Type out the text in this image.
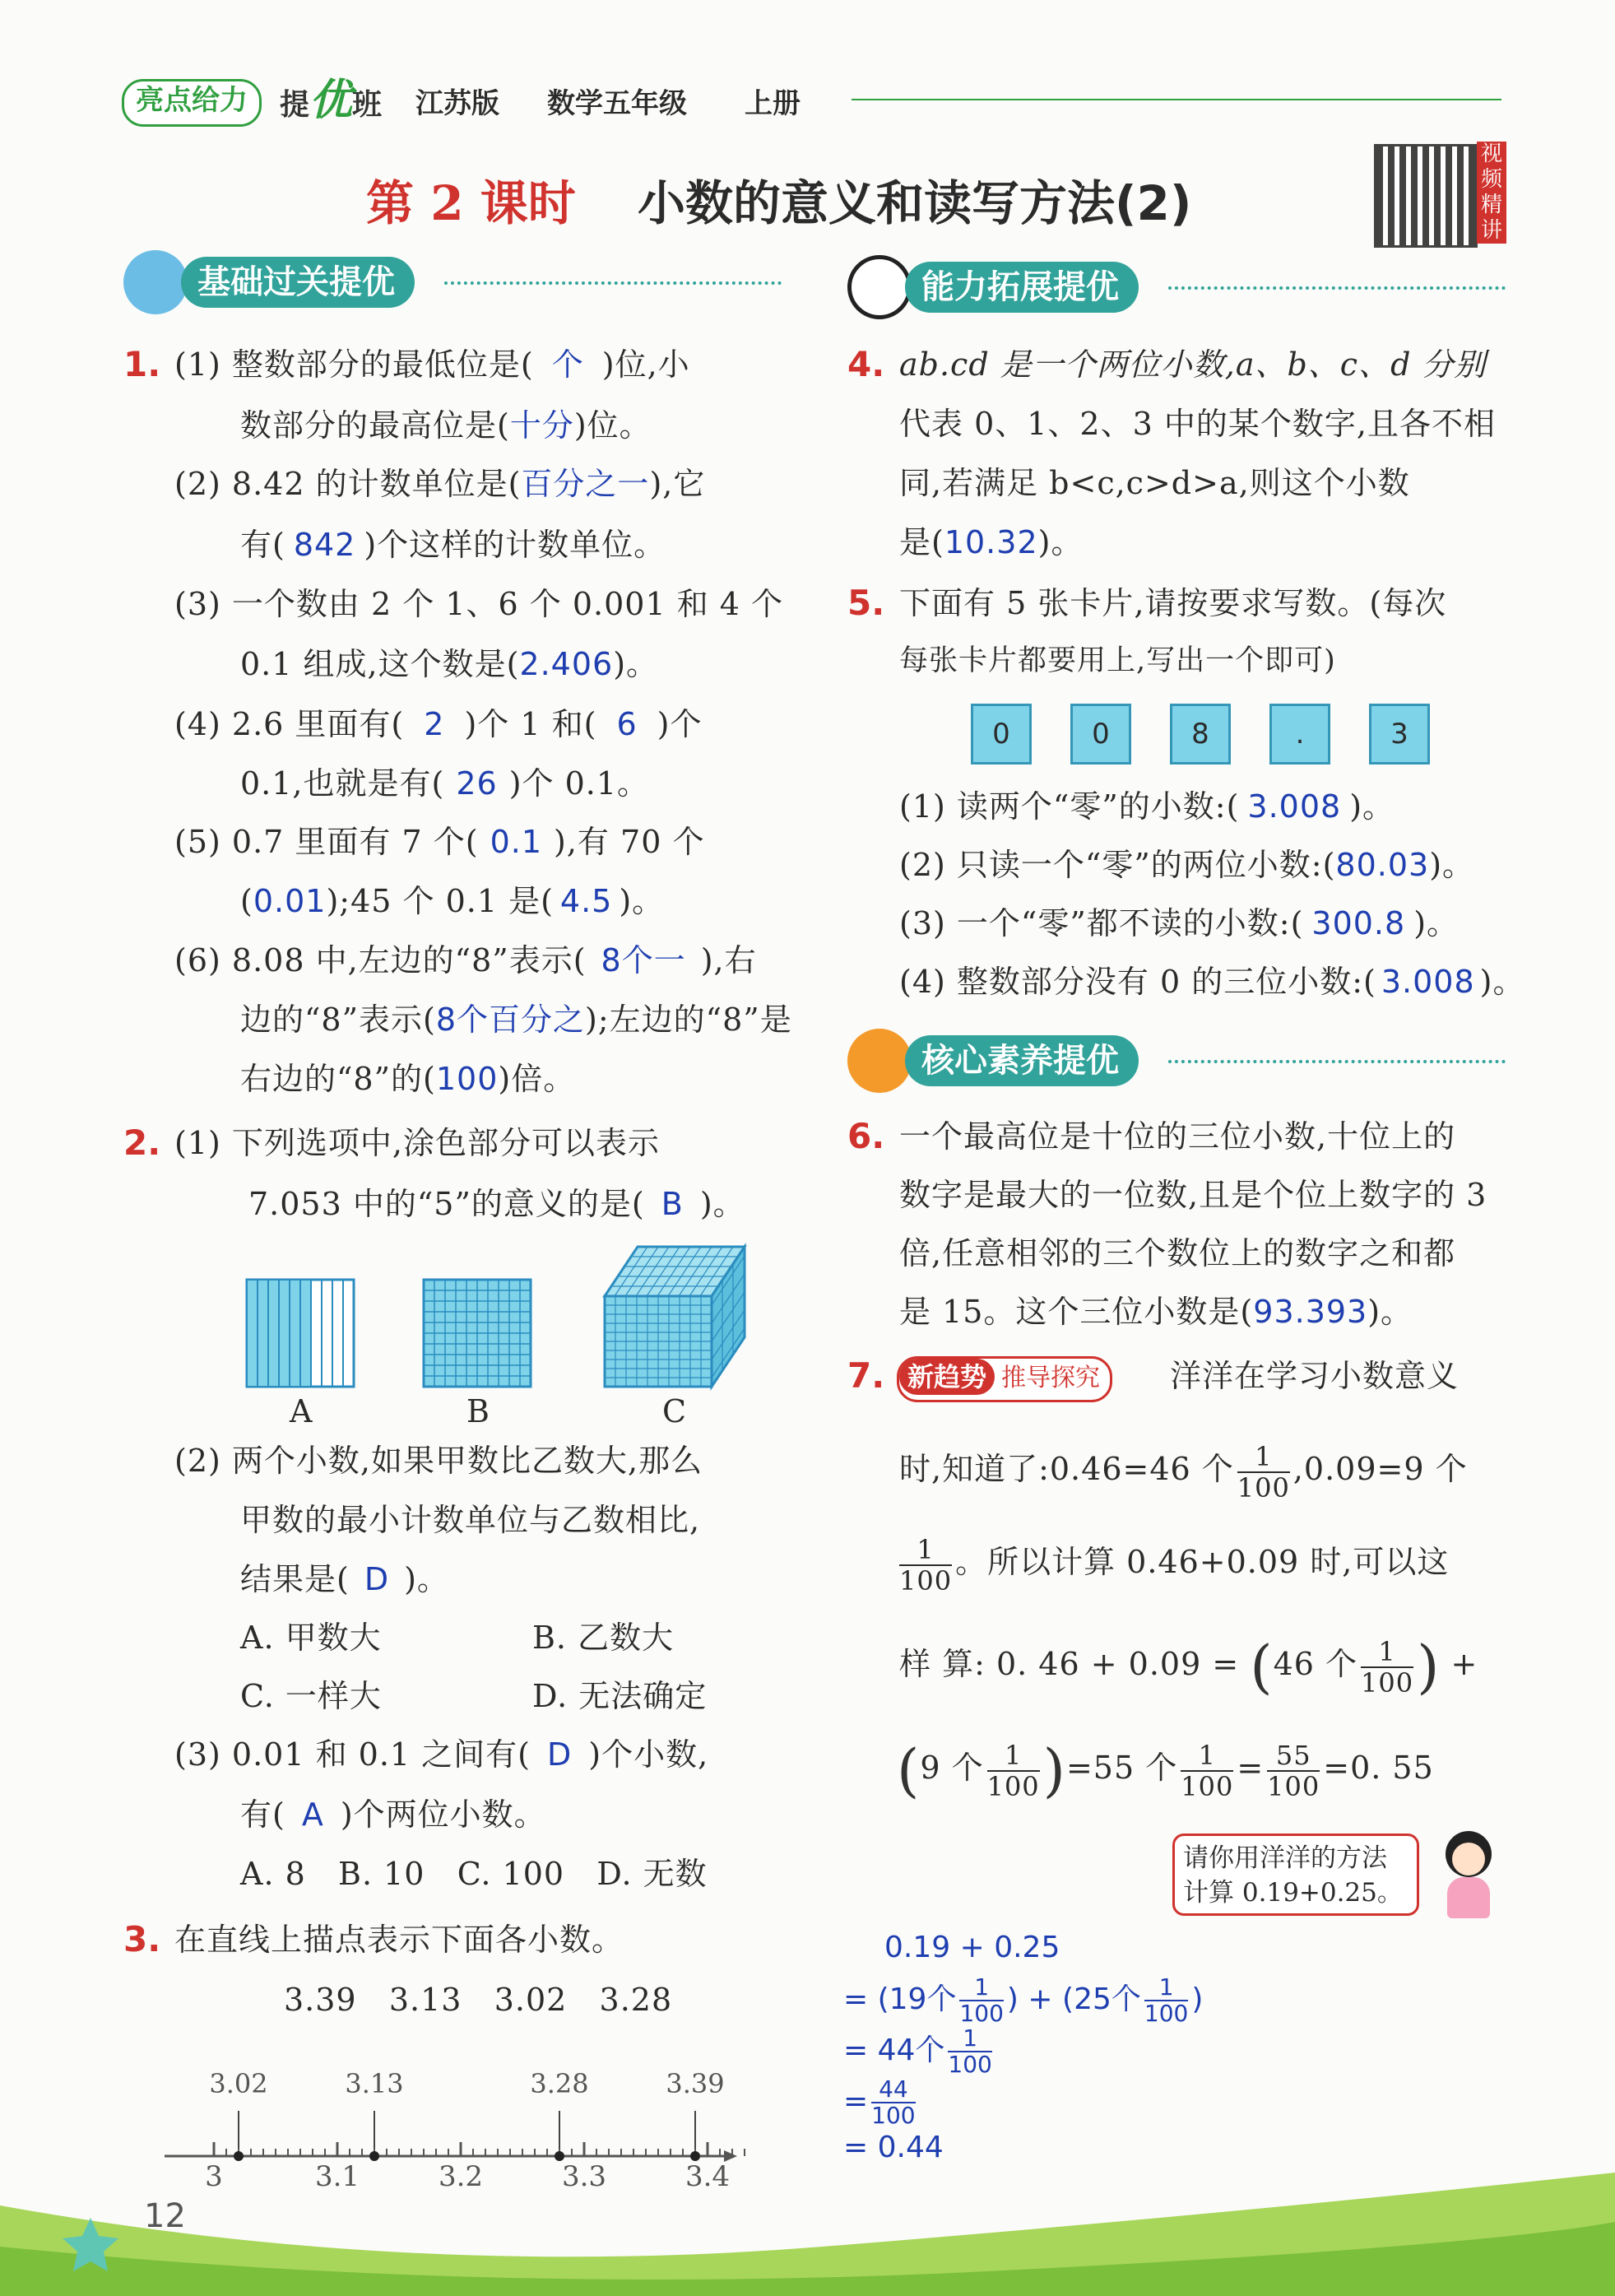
亮点给力	提优班 江苏版 数学五年级 上册
第 2 课时 小数的意义和读写方法(2)
视频精讲
基础过关提优	能力拓展提优
核心素养提优
1. (1) 整数部分的最低位是( 个 )位,小
数部分的最高位是(十分)位。
(2) 8.42 的计数单位是(百分之一),它
有( 842 )个这样的计数单位。
(3) 一个数由 2 个 1、6 个 0.001 和 4 个
0.1 组成,这个数是(2.406)。
(4) 2.6 里面有( 2 )个 1 和( 6 )个
0.1,也就是有( 26 )个 0.1。
(5) 0.7 里面有 7 个( 0.1 ),有 70 个
(0.01);45 个 0.1 是( 4.5 )。
(6) 8.08 中,左边的“8”表示( 8个一 ),右
边的“8”表示(8个百分之);左边的“8”是
右边的“8”的(100)倍。
2. (1) 下列选项中,涂色部分可以表示
7.053 中的“5”的意义的是( B )。
A	B	C
(2) 两个小数,如果甲数比乙数大,那么
甲数的最小计数单位与乙数相比,
结果是( D )。
A. 甲数大	B. 乙数大
C. 一样大	D. 无法确定
(3) 0.01 和 0.1 之间有( D )个小数,
有( A )个两位小数。
A. 8   B. 10   C. 100   D. 无数
3. 在直线上描点表示下面各小数。
3.39   3.13   3.02   3.28
3	3.1	3.2	3.3	3.4
3.02	3.13	3.28	3.39
4. ab.cd 是一个两位小数,a、b、c、d 分别
代表 0、1、2、3 中的某个数字,且各不相
同,若满足 b<c,c>d>a,则这个小数
是(10.32)。
5. 下面有 5 张卡片,请按要求写数。(每次
每张卡片都要用上,写出一个即可)
0	0	8	.	3
(1) 读两个“零”的小数:( 3.008 )。
(2) 只读一个“零”的两位小数:(80.03)。
(3) 一个“零”都不读的小数:( 300.8 )。
(4) 整数部分没有 0 的三位小数:( 3.008 )。
6. 一个最高位是十位的三位小数,十位上的
数字是最大的一位数,且是个位上数字的 3
倍,任意相邻的三个数位上的数字之和都
是 15。这个三位小数是(93.393)。
7. 新趋势 推导探究	洋洋在学习小数意义
时,知道了:0.46=46 个 $\frac{1}{100} ,0.09=9$ 个
$\frac{1}{100}$ 。所以计算 0.46+0.09 时,可以这
样 算: 0. 46 + 0.09 = (46 个 $\frac{1}{100}$ ) +
(9 个 $\frac{1}{100} )=55$ 个 $\frac{1}{100} = \frac{55}{100} =0$. 55
请你用洋洋的方法
计算 0.19+0.25。
0.19 + 0.25
= (19个 $\frac{1}{100}$ ) + (25个 $\frac{1}{100}$ )
= 44个 $\frac{1}{100}$
= $\frac{44}{100}$
= 0.44
12
